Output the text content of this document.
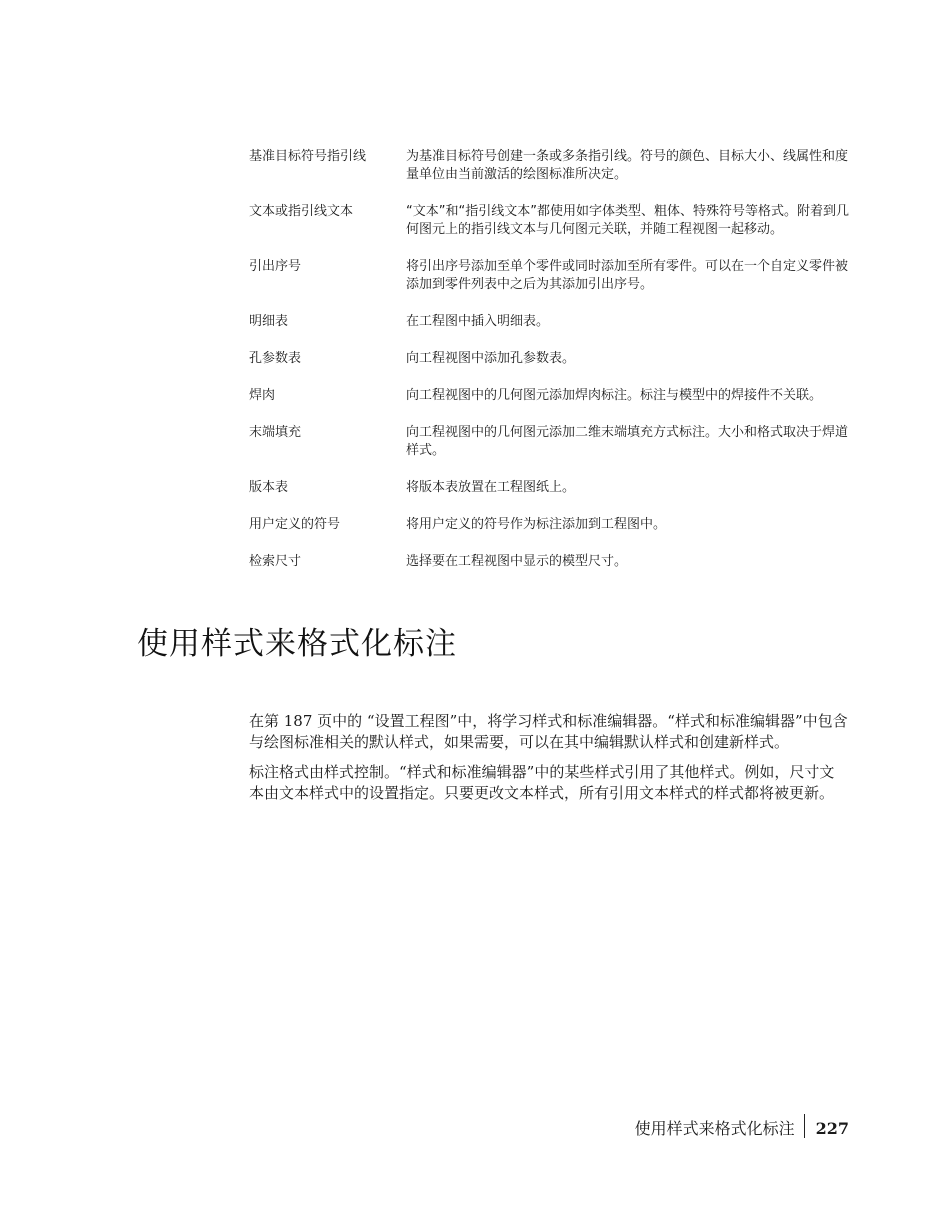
基准目标符号指引线	为基准目标符号创建一条或多条指引线。符号的颜色、目标大小、线属性和度量单位由当前激活的绘图标准所决定。
文本或指引线文本	“文本”和“指引线文本”都使用如字体类型、粗体、特殊符号等格式。附着到几何图元上的指引线文本与几何图元关联，并随工程视图一起移动。
引出序号	将引出序号添加至单个零件或同时添加至所有零件。可以在一个自定义零件被添加到零件列表中之后为其添加引出序号。
明细表	在工程图中插入明细表。
孔参数表	向工程视图中添加孔参数表。
焊肉	向工程视图中的几何图元添加焊肉标注。标注与模型中的焊接件不关联。
末端填充	向工程视图中的几何图元添加二维末端填充方式标注。大小和格式取决于焊道样式。
版本表	将版本表放置在工程图纸上。
用户定义的符号	将用户定义的符号作为标注添加到工程图中。
检索尺寸	选择要在工程视图中显示的模型尺寸。
使用样式来格式化标注

在第 187 页中的 “设置工程图”中，将学习样式和标准编辑器。“样式和标准编辑器”中包含与绘图标准相关的默认样式，如果需要，可以在其中编辑默认样式和创建新样式。

标注格式由样式控制。“样式和标准编辑器”中的某些样式引用了其他样式。例如，尺寸文本由文本样式中的设置指定。只要更改文本样式，所有引用文本样式的样式都将被更新。

使用样式来格式化标注 227
